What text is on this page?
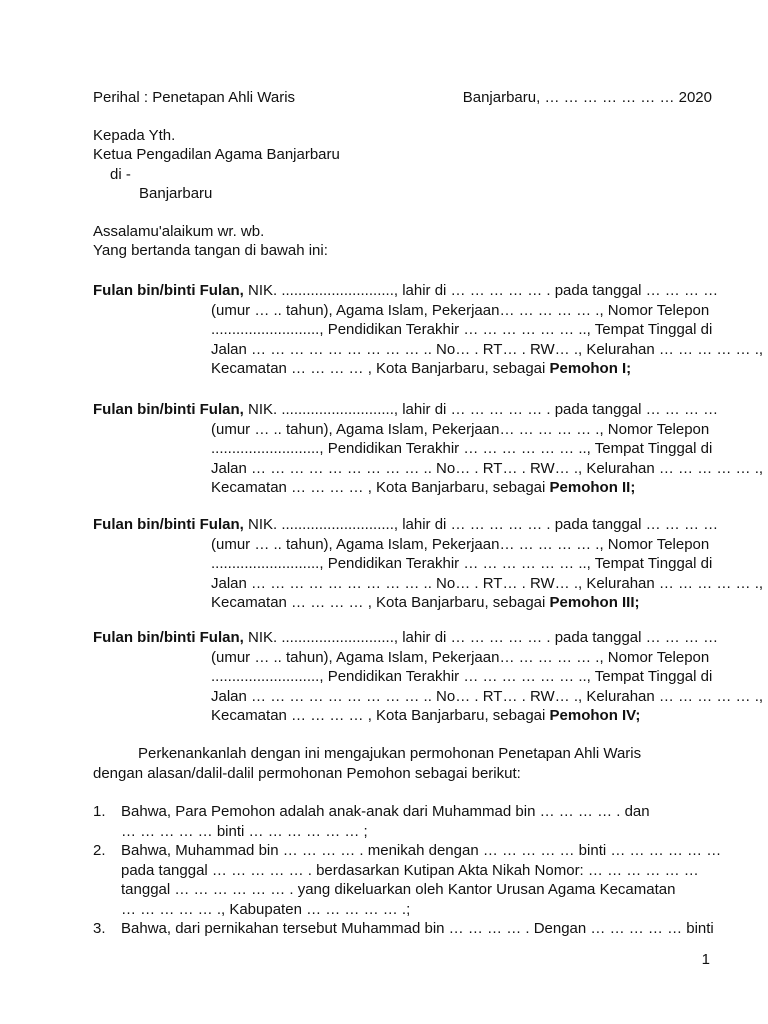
Perihal : Penetapan Ahli Waris	Banjarbaru, … … … … … … … 2020
Kepada Yth.
Ketua Pengadilan Agama Banjarbaru
di -
Banjarbaru
Assalamu'alaikum wr. wb.
Yang bertanda tangan di bawah ini:
Fulan bin/binti Fulan, NIK. ..........................., lahir di … … … … … . pada tanggal … … … …
(umur … .. tahun), Agama Islam, Pekerjaan… … … … … ., Nomor Telepon
.........................., Pendidikan Terakhir … … … … … … .., Tempat Tinggal di
Jalan … … … … … … … … … .. No… . RT… . RW… ., Kelurahan … … … … … .,
Kecamatan … … … … , Kota Banjarbaru, sebagai Pemohon I;
Fulan bin/binti Fulan, NIK. ..........................., lahir di … … … … … . pada tanggal … … … …
(umur … .. tahun), Agama Islam, Pekerjaan… … … … … ., Nomor Telepon
.........................., Pendidikan Terakhir … … … … … … .., Tempat Tinggal di
Jalan … … … … … … … … … .. No… . RT… . RW… ., Kelurahan … … … … … .,
Kecamatan … … … … , Kota Banjarbaru, sebagai Pemohon II;
Fulan bin/binti Fulan, NIK. ..........................., lahir di … … … … … . pada tanggal … … … …
(umur … .. tahun), Agama Islam, Pekerjaan… … … … … ., Nomor Telepon
.........................., Pendidikan Terakhir … … … … … … .., Tempat Tinggal di
Jalan … … … … … … … … … .. No… . RT… . RW… ., Kelurahan … … … … … .,
Kecamatan … … … … , Kota Banjarbaru, sebagai Pemohon III;
Fulan bin/binti Fulan, NIK. ..........................., lahir di … … … … … . pada tanggal … … … …
(umur … .. tahun), Agama Islam, Pekerjaan… … … … … ., Nomor Telepon
.........................., Pendidikan Terakhir … … … … … … .., Tempat Tinggal di
Jalan … … … … … … … … … .. No… . RT… . RW… ., Kelurahan … … … … … .,
Kecamatan … … … … , Kota Banjarbaru, sebagai Pemohon IV;
Perkenankanlah dengan ini mengajukan permohonan Penetapan Ahli Waris
dengan alasan/dalil-dalil permohonan Pemohon sebagai berikut:
1. Bahwa, Para Pemohon adalah anak-anak dari Muhammad bin … … … … . dan
… … … … … binti … … … … … … ;
2. Bahwa, Muhammad bin … … … … . menikah dengan … … … … … binti … … … … … …
pada tanggal … … … … … . berdasarkan Kutipan Akta Nikah Nomor: … … … … … …
tanggal … … … … … … . yang dikeluarkan oleh Kantor Urusan Agama Kecamatan
… … … … … ., Kabupaten … … … … … .;
3. Bahwa, dari pernikahan tersebut Muhammad bin … … … … . Dengan … … … … … binti
1
